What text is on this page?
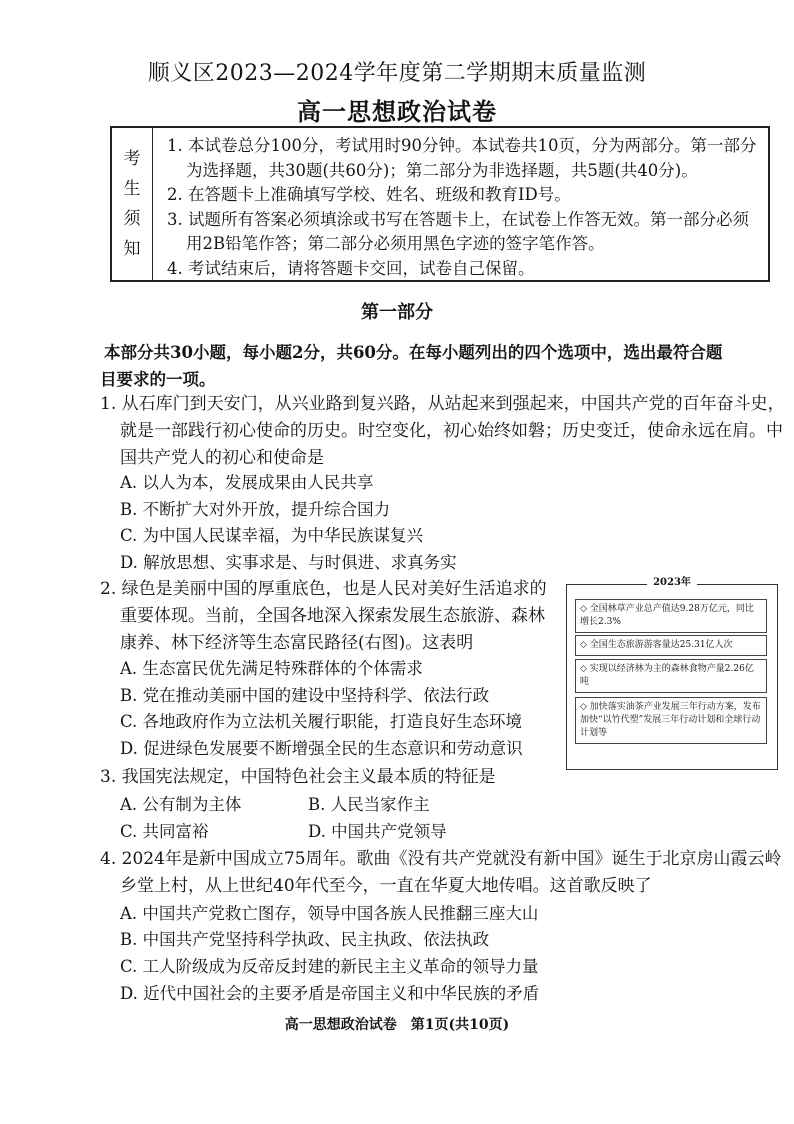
顺义区2023—2024学年度第二学期期末质量监测
高一思想政治试卷
考
生
须
知
1. 本试卷总分100分，考试用时90分钟。本试卷共10页，分为两部分。第一部分
为选择题，共30题(共60分)；第二部分为非选择题，共5题(共40分)。
2. 在答题卡上准确填写学校、姓名、班级和教育ID号。
3. 试题所有答案必须填涂或书写在答题卡上，在试卷上作答无效。第一部分必须
用2B铅笔作答；第二部分必须用黑色字迹的签字笔作答。
4. 考试结束后，请将答题卡交回，试卷自己保留。
第一部分
本部分共30小题，每小题2分，共60分。在每小题列出的四个选项中，选出最符合题
目要求的一项。
1. 从石库门到天安门，从兴业路到复兴路，从站起来到强起来，中国共产党的百年奋斗史，
就是一部践行初心使命的历史。时空变化，初心始终如磐；历史变迁，使命永远在肩。中
国共产党人的初心和使命是
A. 以人为本，发展成果由人民共享
B. 不断扩大对外开放，提升综合国力
C. 为中国人民谋幸福，为中华民族谋复兴
D. 解放思想、实事求是、与时俱进、求真务实
2. 绿色是美丽中国的厚重底色，也是人民对美好生活追求的
重要体现。当前，全国各地深入探索发展生态旅游、森林
康养、林下经济等生态富民路径(右图)。这表明
A. 生态富民优先满足特殊群体的个体需求
B. 党在推动美丽中国的建设中坚持科学、依法行政
C. 各地政府作为立法机关履行职能，打造良好生态环境
D. 促进绿色发展要不断增强全民的生态意识和劳动意识
2023年
◇ 全国林草产业总产值达9.28万亿元，同比增长2.3%
◇ 全国生态旅游游客量达25.31亿人次
◇ 实现以经济林为主的森林食物产量2.26亿吨
◇ 加快落实油茶产业发展三年行动方案，发布加快“以竹代塑”发展三年行动计划和全球行动计划等
3. 我国宪法规定，中国特色社会主义最本质的特征是
A. 公有制为主体	B. 人民当家作主
C. 共同富裕	D. 中国共产党领导
4. 2024年是新中国成立75周年。歌曲《没有共产党就没有新中国》诞生于北京房山霞云岭
乡堂上村，从上世纪40年代至今，一直在华夏大地传唱。这首歌反映了
A. 中国共产党救亡图存，领导中国各族人民推翻三座大山
B. 中国共产党坚持科学执政、民主执政、依法执政
C. 工人阶级成为反帝反封建的新民主主义革命的领导力量
D. 近代中国社会的主要矛盾是帝国主义和中华民族的矛盾
高一思想政治试卷　第1页(共10页)
